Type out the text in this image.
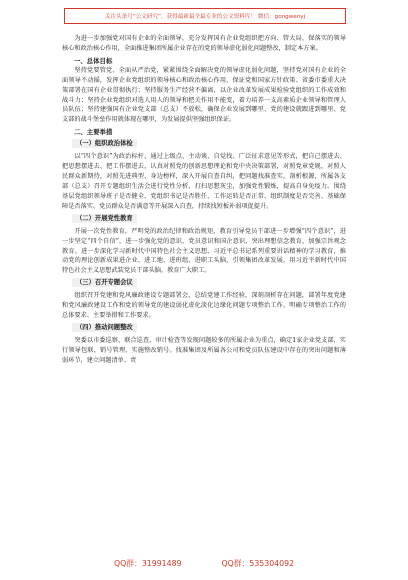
关注头条号“公文研究”，获得最新最全最专业的公文资料库！ 微信：gongwenyj

为进一步加强党对国有企业的全面领导，充分发挥国有企业党组织把方向、管大局、保落实的领导核心和政治核心作用，全面推进集团所属企业存在的党的领导虚化弱化问题整改，制定本方案。

一、总体目标

坚持党要管党、全面从严治党，紧紧围绕全面解决党的领导虚化弱化问题，坚持党对国有企业的全面领导不动摇，发挥企业党组织的领导核心和政治核心作用，保证党和国家方针政策、省委市委重大决策部署在国有企业贯彻执行；坚持服务生产经营不偏离，以企业改革发展成果检验党组织的工作成效和战斗力；坚持企业党组织对选人用人的领导和把关作用不能变，着力培养一支高素质企业领导和管理人员队伍；坚持建强国有企业党支部（总支）不放松，确保企业发展到哪里、党的建设就跟进到哪里、党支部的战斗堡垒作用就体现在哪里，为发展提供坚强组织保证。

二、主要举措
（一）组织政治体检

以“四个意识”为政治标杆，通过上级点、主动谈、自觉找、广泛征求意见等形式，把自己摆进去、把思想摆进去、把工作摆进去，认真对照党的创新思想理论和党中央决策部署，对照党章党规，对照人民群众新期待，对照先进典型、身边榜样，深入开展自查自纠，把问题找准查实，剖析根源，所属各支部（总支）召开专题组织生活会进行党性分析，打扫思想灰尘，加强党性锻炼，提高自身免疫力。围绕基层党组织领导班子是否健全、党组织书记是否胜任、工作运转是否正常、组织制度是否完善、基础保障是否落实、党员群众是否满意等开展深入自查，持续找短板补弱项促提升。

（二）开展党性教育

开展一次党性教育，严明党的政治纪律和政治规矩，教育引导党员干部进一步增强“四个意识”，进一步坚定“四个自信”，进一步强化党的意识、党员意识和国企意识，突出理想信念教育，加强宗旨观念教育。进一步深化学习新时代中国特色社会主义思想、习近平总书记系列重要讲话精神的学习教育，推动党的理论创新成果进企业、进工地、进班组、进职工头脑，引领集团改革发展，用习近平新时代中国特色社会主义思想武装党员干部头脑，教育广大职工。

（三）召开专题会议

组织召开党建和党风廉政建设专题部署会，总结党建工作经验，深刻剖析存在问题，部署年度党建和党风廉政建设工作和党的领导党的建设弱化虚化淡化边缘化问题专项整治工作，明确专项整治工作的总体要求、主要举措和工作要求。

（四）推动问题整改

突委以市委巡察、联合巡查、审计检查等发现问题较多的所属企业为重点，确定1家企业党支部，实行领导包联、销号管理，实施整改销号。找准集团及所属各公司和党员队伍建设中存在的突出问题和薄弱环节，建立问题清单、责

QQ群：31991489	QQ群：535304092
